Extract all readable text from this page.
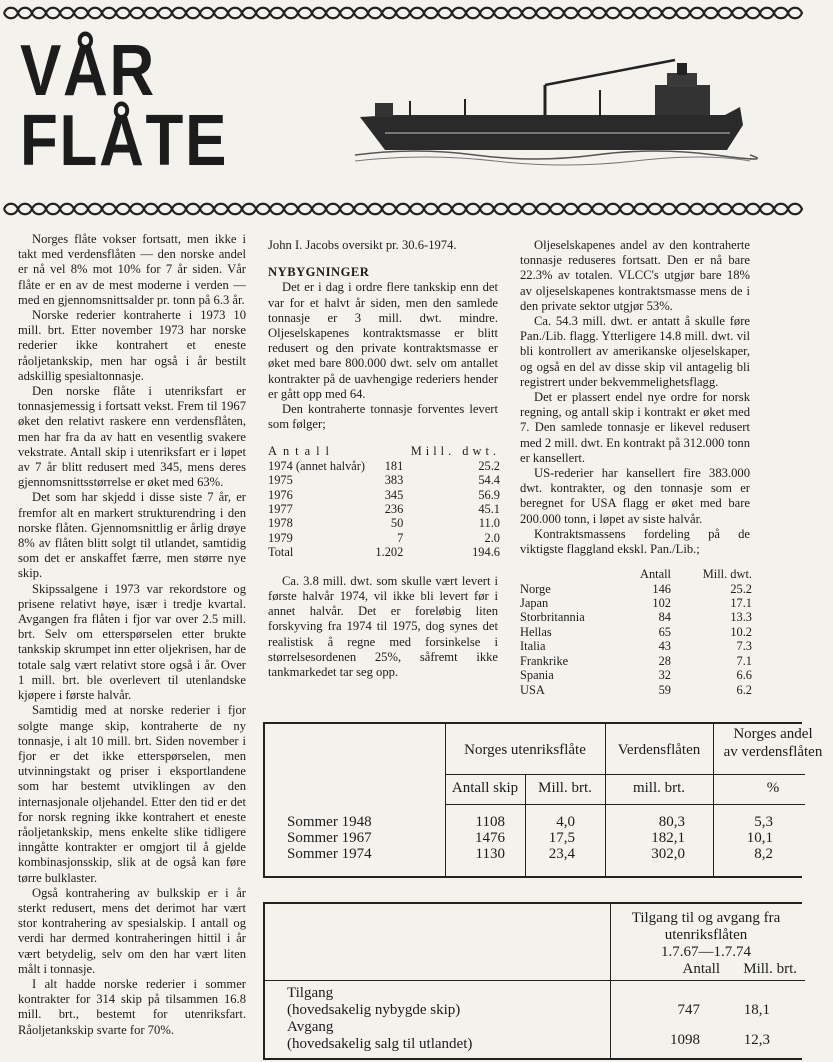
VÅR
FLÅTE

Norges flåte vokser fortsatt, men ikke i takt med verdensflåten — den norske andel er nå vel 8% mot 10% for 7 år siden. Vår flåte er en av de mest moderne i verden — med en gjennomsnittsalder pr. tonn på 6.3 år.

Norske rederier kontraherte i 1973 10 mill. brt. Etter november 1973 har norske rederier ikke kontrahert et eneste råoljetankskip, men har også i år bestilt adskillig spesialtonnasje.

Den norske flåte i utenriksfart er tonnasjemessig i fortsatt vekst. Frem til 1967 øket den relativt raskere enn verdensflåten, men har fra da av hatt en vesentlig svakere vekstrate. Antall skip i utenriksfart er i løpet av 7 år blitt redusert med 345, mens deres gjennomsnittsstørrelse er øket med 63%.

Det som har skjedd i disse siste 7 år, er fremfor alt en markert strukturendring i den norske flåten. Gjennomsnittlig er årlig drøye 8% av flåten blitt solgt til utlandet, samtidig som det er anskaffet færre, men større nye skip.

Skipssalgene i 1973 var rekordstore og prisene relativt høye, især i tredje kvartal. Avgangen fra flåten i fjor var over 2.5 mill. brt. Selv om etterspørselen etter brukte tankskip skrumpet inn etter oljekrisen, har de totale salg vært relativt store også i år. Over 1 mill. brt. ble overlevert til utenlandske kjøpere i første halvår.

Samtidig med at norske rederier i fjor solgte mange skip, kontraherte de ny tonnasje, i alt 10 mill. brt. Siden november i fjor er det ikke etterspørselen, men utvinningstakt og priser i eksportlandene som har bestemt utviklingen av den internasjonale oljehandel. Etter den tid er det for norsk regning ikke kontrahert et eneste råoljetankskip, mens enkelte slike tidligere inngåtte kontrakter er omgjort til å gjelde kombinasjonsskip, slik at de også kan føre tørre bulklaster.

Også kontrahering av bulkskip er i år sterkt redusert, mens det derimot har vært stor kontrahering av spesialskip. I antall og verdi har dermed kontraheringen hittil i år vært betydelig, selv om den har vært liten målt i tonnasje.

I alt hadde norske rederier i sommer kontrakter for 314 skip på tilsammen 16.8 mill. brt., bestemt for utenriksfart. Råoljetankskip svarte for 70%.

John I. Jacobs oversikt pr. 30.6-1974.

NYBYGNINGER

Det er i dag i ordre flere tankskip enn det var for et halvt år siden, men den samlede tonnasje er 3 mill. dwt. mindre. Oljeselskapenes kontraktsmasse er blitt redusert og den private kontraktsmasse er øket med bare 800.000 dwt. selv om antallet kontrakter på de uavhengige rederiers hender er gått opp med 64.

Den kontraherte tonnasje forventes levert som følger;

Antall		Mill. dwt.
1974 (annet halvår)	181	25.2
1975	383	54.4
1976	345	56.9
1977	236	45.1
1978	50	11.0
1979	7	2.0
Total	1.202	194.6

Ca. 3.8 mill. dwt. som skulle vært levert i første halvår 1974, vil ikke bli levert før i annet halvår. Det er foreløbig liten forskyving fra 1974 til 1975, dog synes det realistisk å regne med forsinkelse i størrelsesordenen 25%, såfremt ikke tankmarkedet tar seg opp.

Oljeselskapenes andel av den kontraherte tonnasje reduseres fortsatt. Den er nå bare 22.3% av totalen. VLCC's utgjør bare 18% av oljeselskapenes kontraktsmasse mens de i den private sektor utgjør 53%.

Ca. 54.3 mill. dwt. er antatt å skulle føre Pan./Lib. flagg. Ytterligere 14.8 mill. dwt. vil bli kontrollert av amerikanske oljeselskaper, og også en del av disse skip vil antagelig bli registrert under bekvemmelighetsflagg.

Det er plassert endel nye ordre for norsk regning, og antall skip i kontrakt er øket med 7. Den samlede tonnasje er likevel redusert med 2 mill. dwt. En kontrakt på 312.000 tonn er kansellert.

US-rederier har kansellert fire 383.000 dwt. kontrakter, og den tonnasje som er beregnet for USA flagg er øket med bare 200.000 tonn, i løpet av siste halvår.

Kontraktsmassens fordeling på de viktigste flaggland ekskl. Pan./Lib.;

	Antall	Mill. dwt.
Norge	146	25.2
Japan	102	17.1
Storbritannia	84	13.3
Hellas	65	10.2
Italia	43	7.3
Frankrike	28	7.1
Spania	32	6.6
USA	59	6.2
Norges utenriksflåte	Verdensflåten
Norges andel
av verdensflåten
Antall skip	Mill. brt.	mill. brt.	%
Sommer 1948	1108	4,0	80,3	5,3
Sommer 1967	1476	17,5	182,1	10,1
Sommer 1974	1130	23,4	302,0	8,2
Tilgang til og avgang fra
utenriksflåten
1.7.67—1.7.74
Antall	Mill. brt.
Tilgang
(hovedsakelig nybygde skip)	747	18,1
Avgang
(hovedsakelig salg til utlandet)	1098	12,3
